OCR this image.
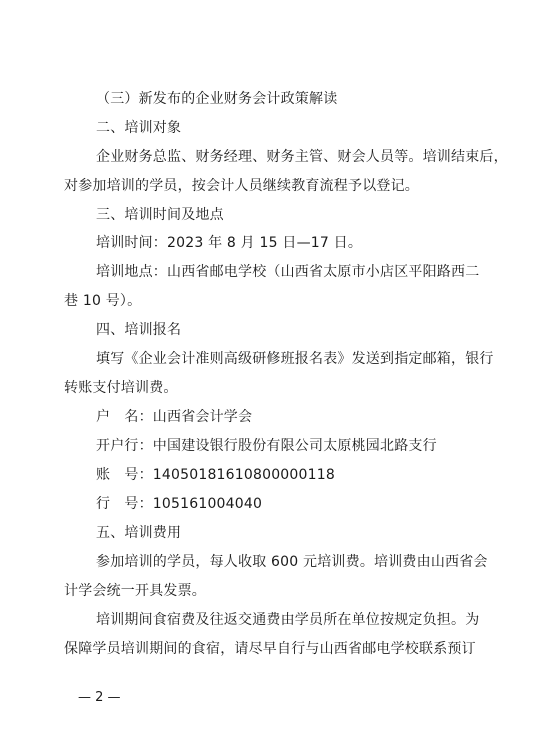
（三）新发布的企业财务会计政策解读
二、培训对象
企业财务总监、财务经理、财务主管、财会人员等。培训结束后，
对参加培训的学员，按会计人员继续教育流程予以登记。
三、培训时间及地点
培训时间：2023 年 8 月 15 日—17 日。
培训地点：山西省邮电学校（山西省太原市小店区平阳路西二
巷 10 号）。
四、培训报名
填写《企业会计准则高级研修班报名表》发送到指定邮箱，银行
转账支付培训费。
户　名：山西省会计学会
开户行：中国建设银行股份有限公司太原桃园北路支行
账　号：14050181610800000118
行　号：105161004040
五、培训费用
参加培训的学员，每人收取 600 元培训费。培训费由山西省会
计学会统一开具发票。
培训期间食宿费及往返交通费由学员所在单位按规定负担。为
保障学员培训期间的食宿，请尽早自行与山西省邮电学校联系预订
— 2 —
